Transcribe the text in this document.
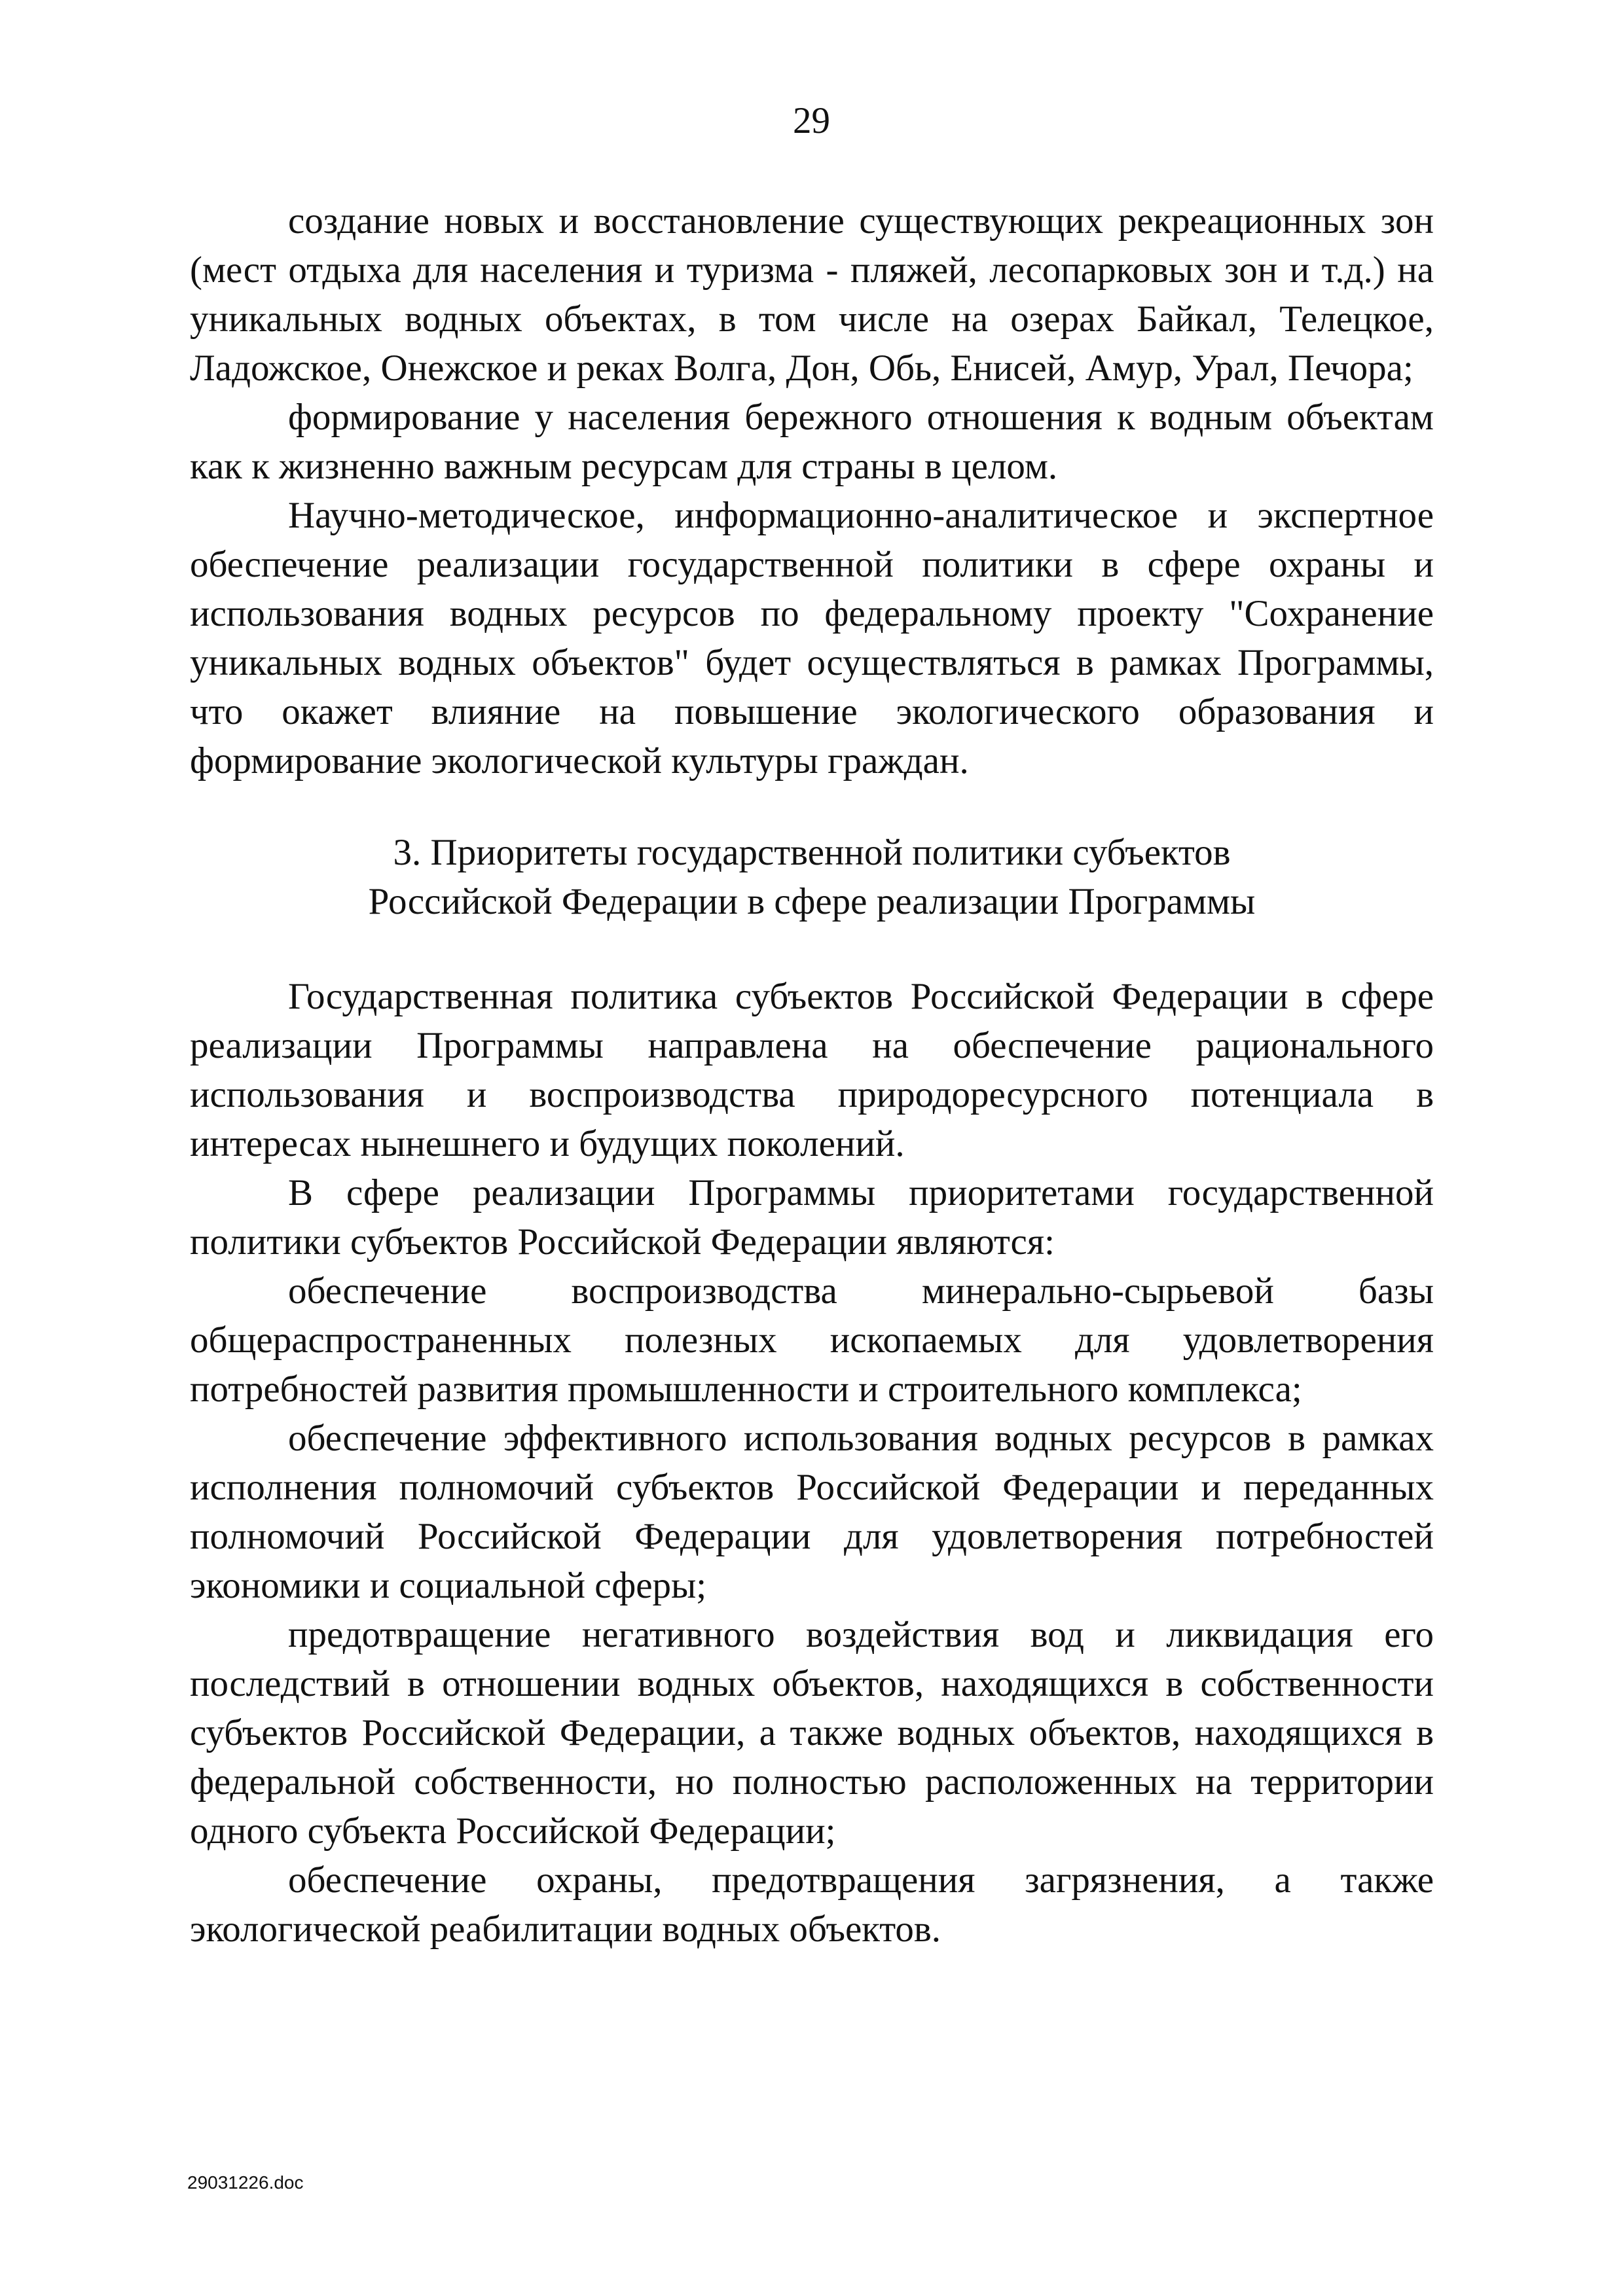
29

создание новых и восстановление существующих рекреационных зон (мест отдыха для населения и туризма - пляжей, лесопарковых зон и т.д.) на уникальных водных объектах, в том числе на озерах Байкал, Телецкое, Ладожское, Онежское и реках Волга, Дон, Обь, Енисей, Амур, Урал, Печора;

формирование у населения бережного отношения к водным объектам как к жизненно важным ресурсам для страны в целом.

Научно-методическое, информационно-аналитическое и экспертное обеспечение реализации государственной политики в сфере охраны и использования водных ресурсов по федеральному проекту "Сохранение уникальных водных объектов" будет осуществляться в рамках Программы, что окажет влияние на повышение экологического образования и формирование экологической культуры граждан.

3. Приоритеты государственной политики субъектов
Российской Федерации в сфере реализации Программы

Государственная политика субъектов Российской Федерации в сфере реализации Программы направлена на обеспечение рационального использования и воспроизводства природоресурсного потенциала в интересах нынешнего и будущих поколений.

В сфере реализации Программы приоритетами государственной политики субъектов Российской Федерации являются:

обеспечение воспроизводства минерально-сырьевой базы общераспространенных полезных ископаемых для удовлетворения потребностей развития промышленности и строительного комплекса;

обеспечение эффективного использования водных ресурсов в рамках исполнения полномочий субъектов Российской Федерации и переданных полномочий Российской Федерации для удовлетворения потребностей экономики и социальной сферы;

предотвращение негативного воздействия вод и ликвидация его последствий в отношении водных объектов, находящихся в собственности субъектов Российской Федерации, а также водных объектов, находящихся в федеральной собственности, но полностью расположенных на территории одного субъекта Российской Федерации;

обеспечение охраны, предотвращения загрязнения, а также экологической реабилитации водных объектов.

29031226.doc
